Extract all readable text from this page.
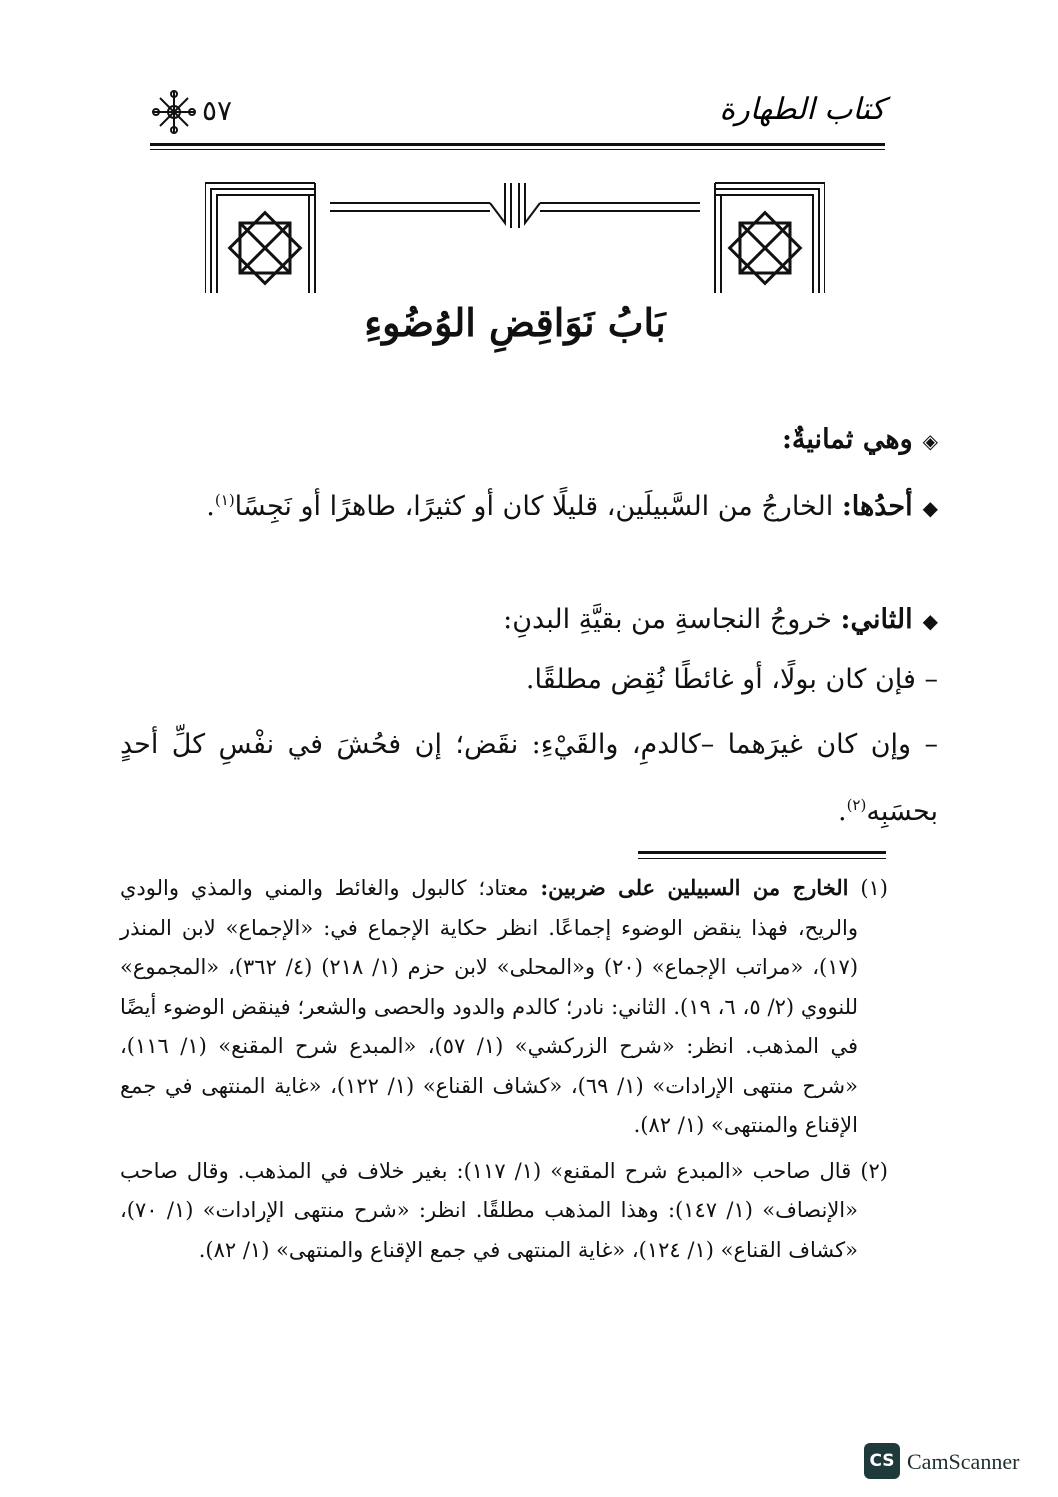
٥٧	كتاب الطهارة
بَابُ نَوَاقِضِ الوُضُوءِ
◈وهي ثمانيةٌ:
◆أحدُها: الخارجُ من السَّبيلَين، قليلًا كان أو كثيرًا، طاهرًا أو نَجِسًا$^{(١)}$.
◆الثاني: خروجُ النجاسةِ من بقيَّةِ البدنِ:
– فإن كان بولًا، أو غائطًا نُقِض مطلقًا.
– وإن كان غيرَهما –كالدمِ، والقَيْءِ: نقَض؛ إن فحُشَ في نفْسِ كلِّ أحدٍ بحسَبِه$^{(٢)}$.

(١) الخارج من السبيلين على ضربين: معتاد؛ كالبول والغائط والمني والمذي والودي والريح، فهذا ينقض الوضوء إجماعًا. انظر حكاية الإجماع في: «الإجماع» لابن المنذر (١٧)، «مراتب الإجماع» (٢٠) و«المحلى» لابن حزم (١/ ٢١٨) (٤/ ٣٦٢)، «المجموع» للنووي (٢/ ٥، ٦، ١٩). الثاني: نادر؛ كالدم والدود والحصى والشعر؛ فينقض الوضوء أيضًا في المذهب. انظر: «شرح الزركشي» (١/ ٥٧)، «المبدع شرح المقنع» (١/ ١١٦)، «شرح منتهى الإرادات» (١/ ٦٩)، «كشاف القناع» (١/ ١٢٢)، «غاية المنتهى في جمع الإقناع والمنتهى» (١/ ٨٢).

(٢) قال صاحب «المبدع شرح المقنع» (١/ ١١٧): بغير خلاف في المذهب. وقال صاحب «الإنصاف» (١/ ١٤٧): وهذا المذهب مطلقًا. انظر: «شرح منتهى الإرادات» (١/ ٧٠)، «كشاف القناع» (١/ ١٢٤)، «غاية المنتهى في جمع الإقناع والمنتهى» (١/ ٨٢).

CS CamScanner
